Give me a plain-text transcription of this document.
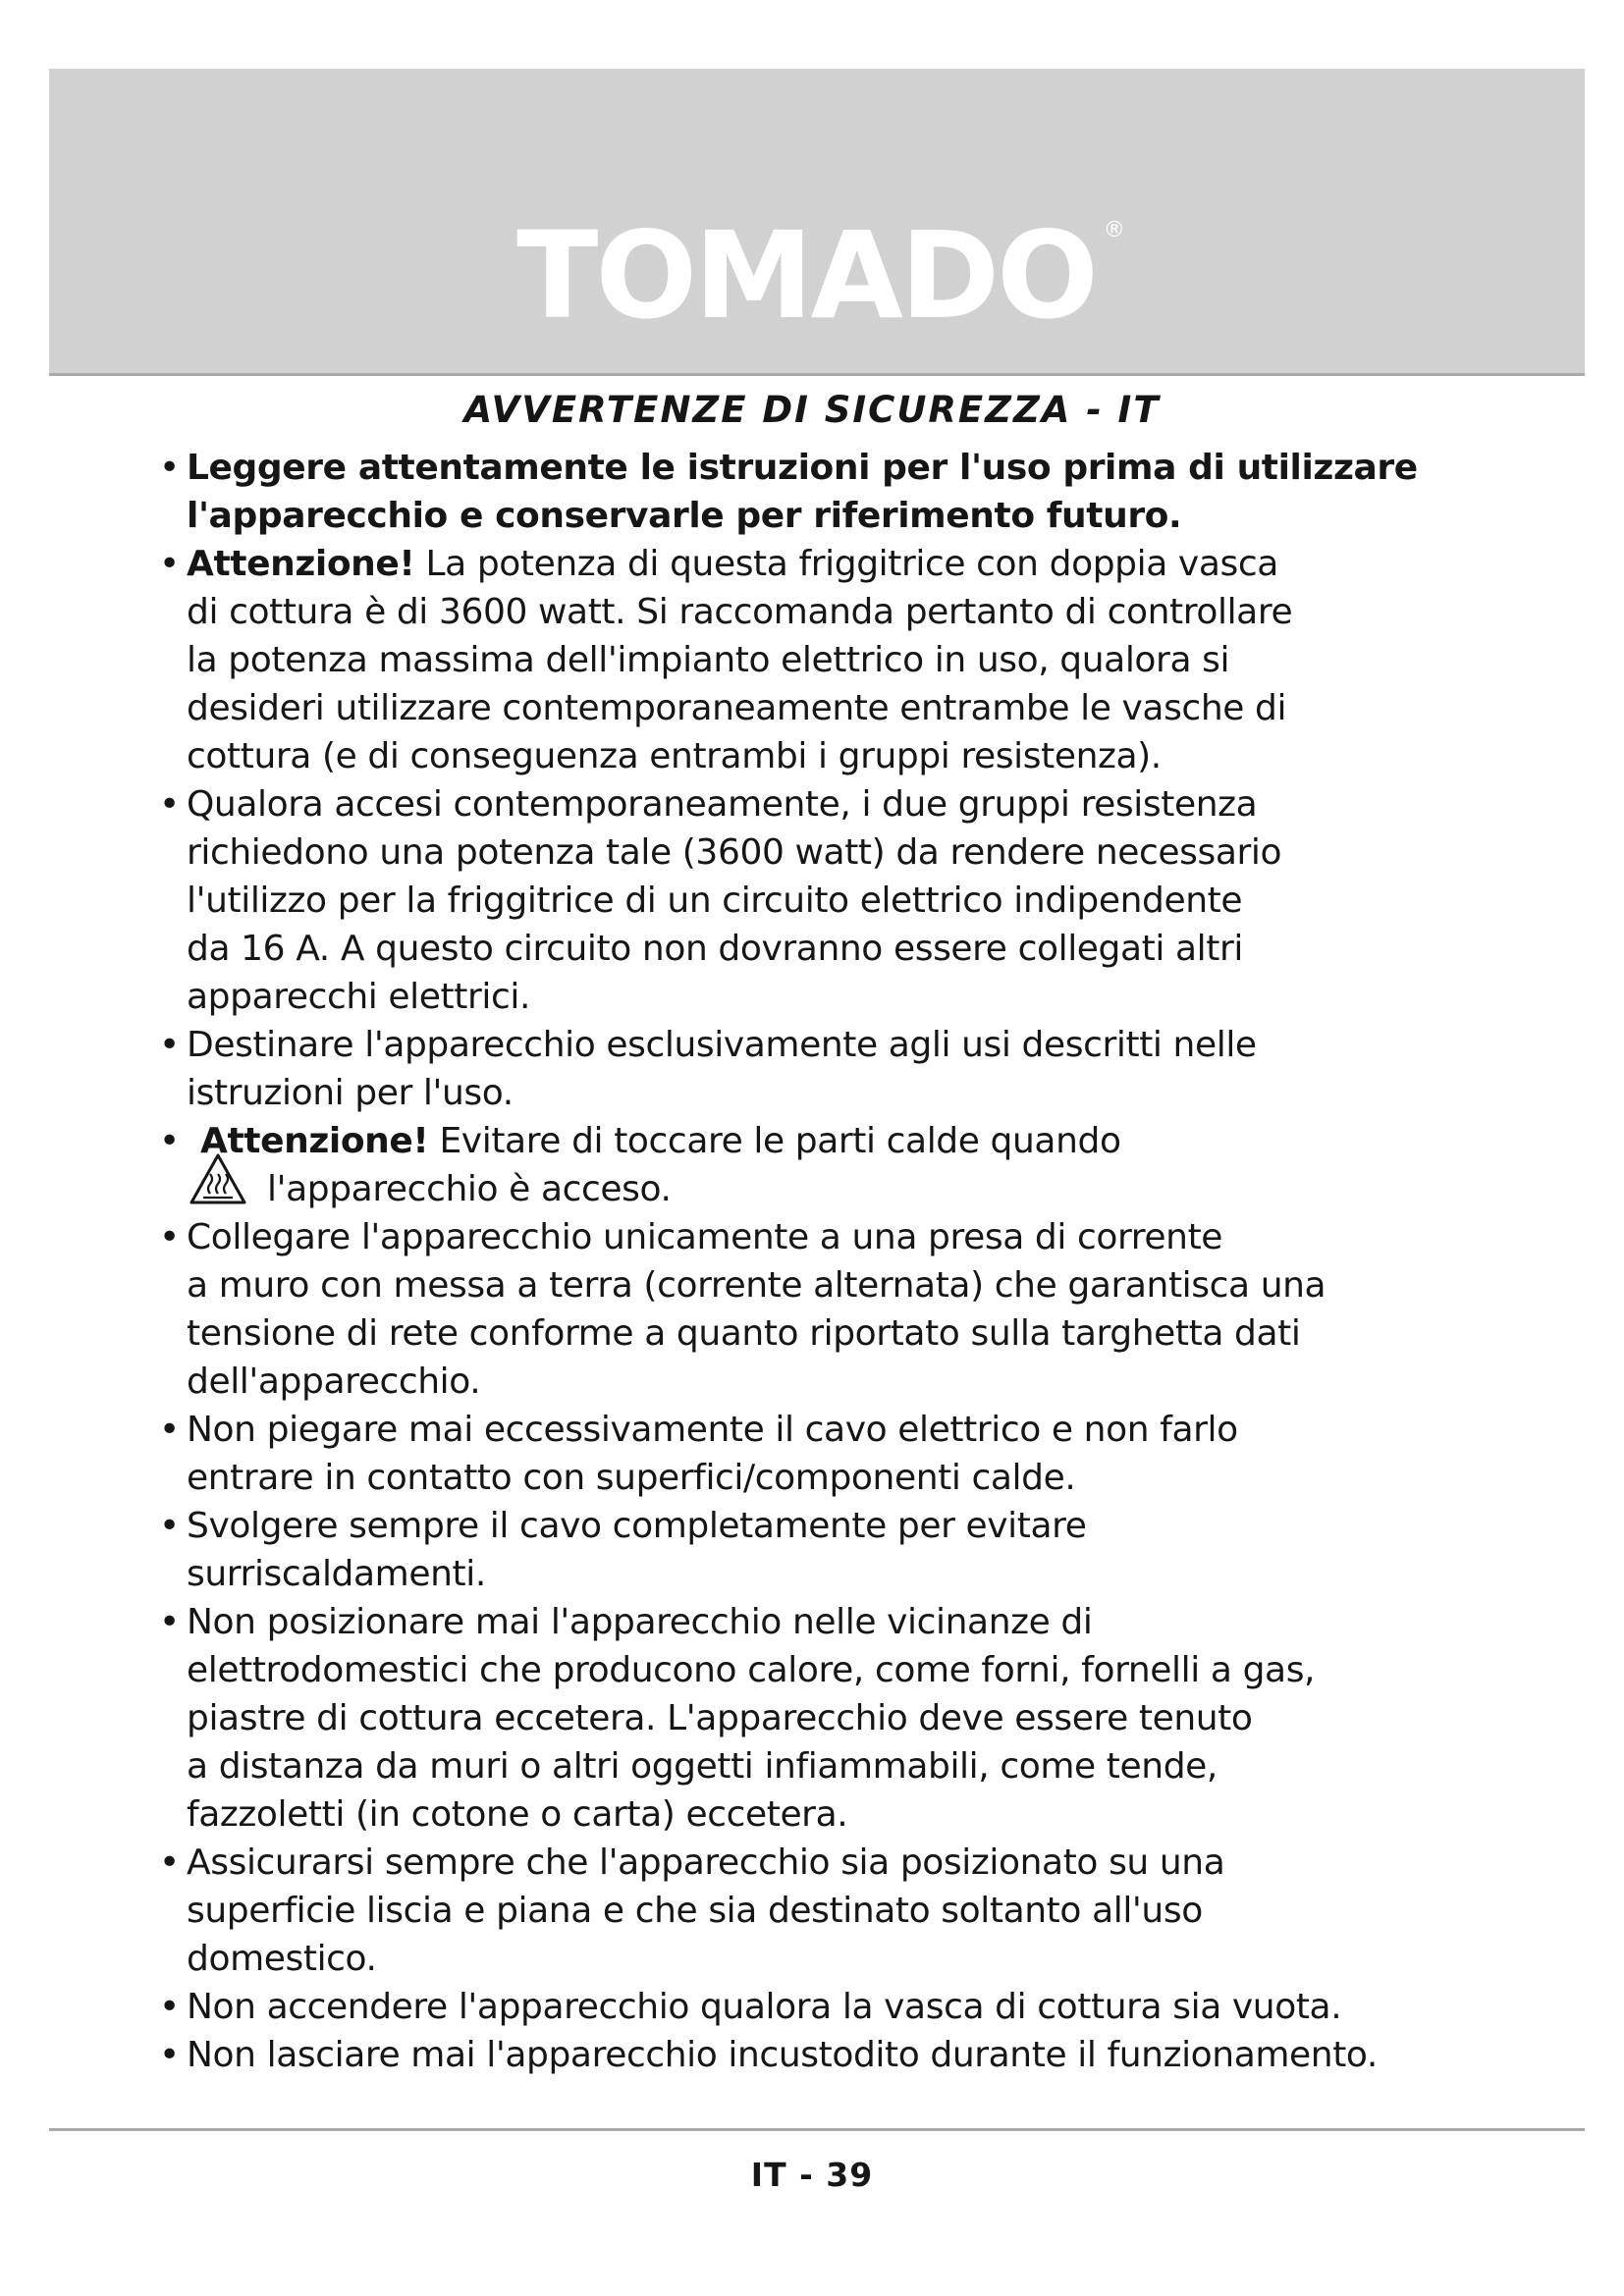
TOMADO ®
AVVERTENZE DI SICUREZZA - IT
• Leggere attentamente le istruzioni per l'uso prima di utilizzare
l'apparecchio e conservarle per riferimento futuro.
• Attenzione! La potenza di questa friggitrice con doppia vasca
di cottura è di 3600 watt. Si raccomanda pertanto di controllare
la potenza massima dell'impianto elettrico in uso, qualora si
desideri utilizzare contemporaneamente entrambe le vasche di
cottura (e di conseguenza entrambi i gruppi resistenza).
• Qualora accesi contemporaneamente, i due gruppi resistenza
richiedono una potenza tale (3600 watt) da rendere necessario
l'utilizzo per la friggitrice di un circuito elettrico indipendente
da 16 A. A questo circuito non dovranno essere collegati altri
apparecchi elettrici.
• Destinare l'apparecchio esclusivamente agli usi descritti nelle
istruzioni per l'uso.
• Attenzione! Evitare di toccare le parti calde quando
l'apparecchio è acceso.
• Collegare l'apparecchio unicamente a una presa di corrente
a muro con messa a terra (corrente alternata) che garantisca una
tensione di rete conforme a quanto riportato sulla targhetta dati
dell'apparecchio.
• Non piegare mai eccessivamente il cavo elettrico e non farlo
entrare in contatto con superfici/componenti calde.
• Svolgere sempre il cavo completamente per evitare
surriscaldamenti.
• Non posizionare mai l'apparecchio nelle vicinanze di
elettrodomestici che producono calore, come forni, fornelli a gas,
piastre di cottura eccetera. L'apparecchio deve essere tenuto
a distanza da muri o altri oggetti infiammabili, come tende,
fazzoletti (in cotone o carta) eccetera.
• Assicurarsi sempre che l'apparecchio sia posizionato su una
superficie liscia e piana e che sia destinato soltanto all'uso
domestico.
• Non accendere l'apparecchio qualora la vasca di cottura sia vuota.
• Non lasciare mai l'apparecchio incustodito durante il funzionamento.
IT - 39
